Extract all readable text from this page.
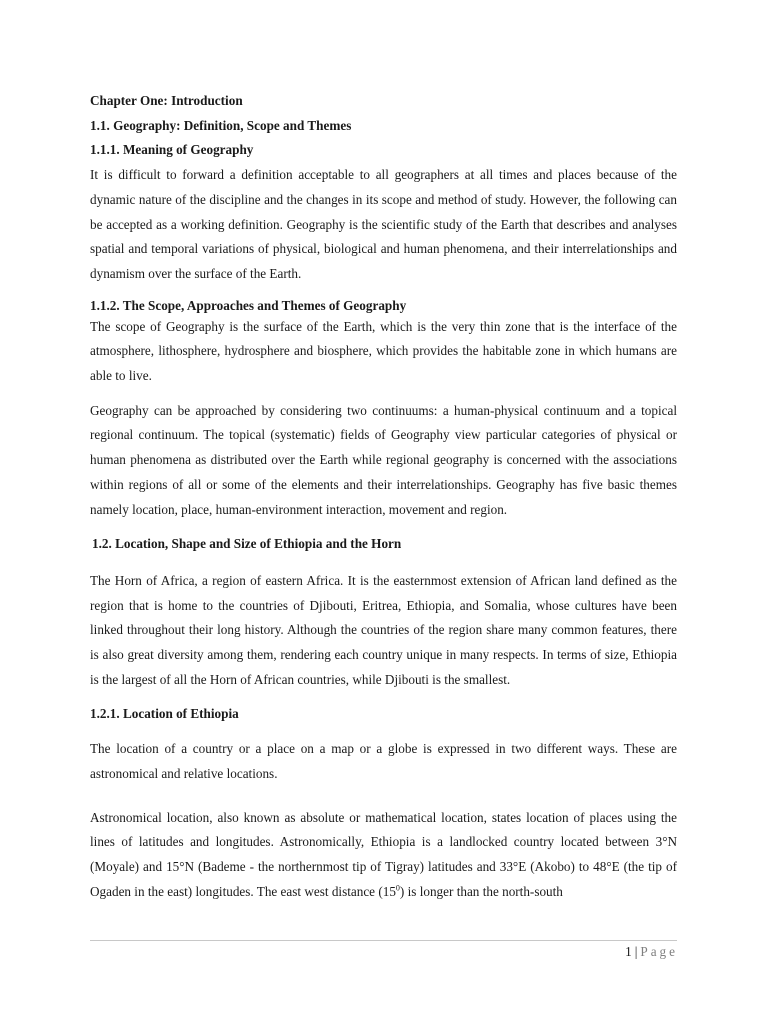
Chapter One: Introduction

1.1. Geography: Definition, Scope and Themes

1.1.1. Meaning of Geography

It is difficult to forward a definition acceptable to all geographers at all times and places because of the dynamic nature of the discipline and the changes in its scope and method of study. However, the following can be accepted as a working definition. Geography is the scientific study of the Earth that describes and analyses spatial and temporal variations of physical, biological and human phenomena, and their interrelationships and dynamism over the surface of the Earth.

1.1.2. The Scope, Approaches and Themes of Geography

The scope of Geography is the surface of the Earth, which is the very thin zone that is the interface of the atmosphere, lithosphere, hydrosphere and biosphere, which provides the habitable zone in which humans are able to live.

Geography can be approached by considering two continuums: a human-physical continuum and a topical regional continuum. The topical (systematic) fields of Geography view particular categories of physical or human phenomena as distributed over the Earth while regional geography is concerned with the associations within regions of all or some of the elements and their interrelationships. Geography has five basic themes namely location, place, human-environment interaction, movement and region.

1.2. Location, Shape and Size of Ethiopia and the Horn

The Horn of Africa, a region of eastern Africa. It is the easternmost extension of African land defined as the region that is home to the countries of Djibouti, Eritrea, Ethiopia, and Somalia, whose cultures have been linked throughout their long history. Although the countries of the region share many common features, there is also great diversity among them, rendering each country unique in many respects. In terms of size, Ethiopia is the largest of all the Horn of African countries, while Djibouti is the smallest.

1.2.1. Location of Ethiopia

The location of a country or a place on a map or a globe is expressed in two different ways. These are astronomical and relative locations.

Astronomical location, also known as absolute or mathematical location, states location of places using the lines of latitudes and longitudes. Astronomically, Ethiopia is a landlocked country located between 3°N (Moyale) and 15°N (Bademe - the northernmost tip of Tigray) latitudes and 33°E (Akobo) to 48°E (the tip of Ogaden in the east) longitudes. The east west distance $(15^0)$ is longer than the north-south

1 | Page
